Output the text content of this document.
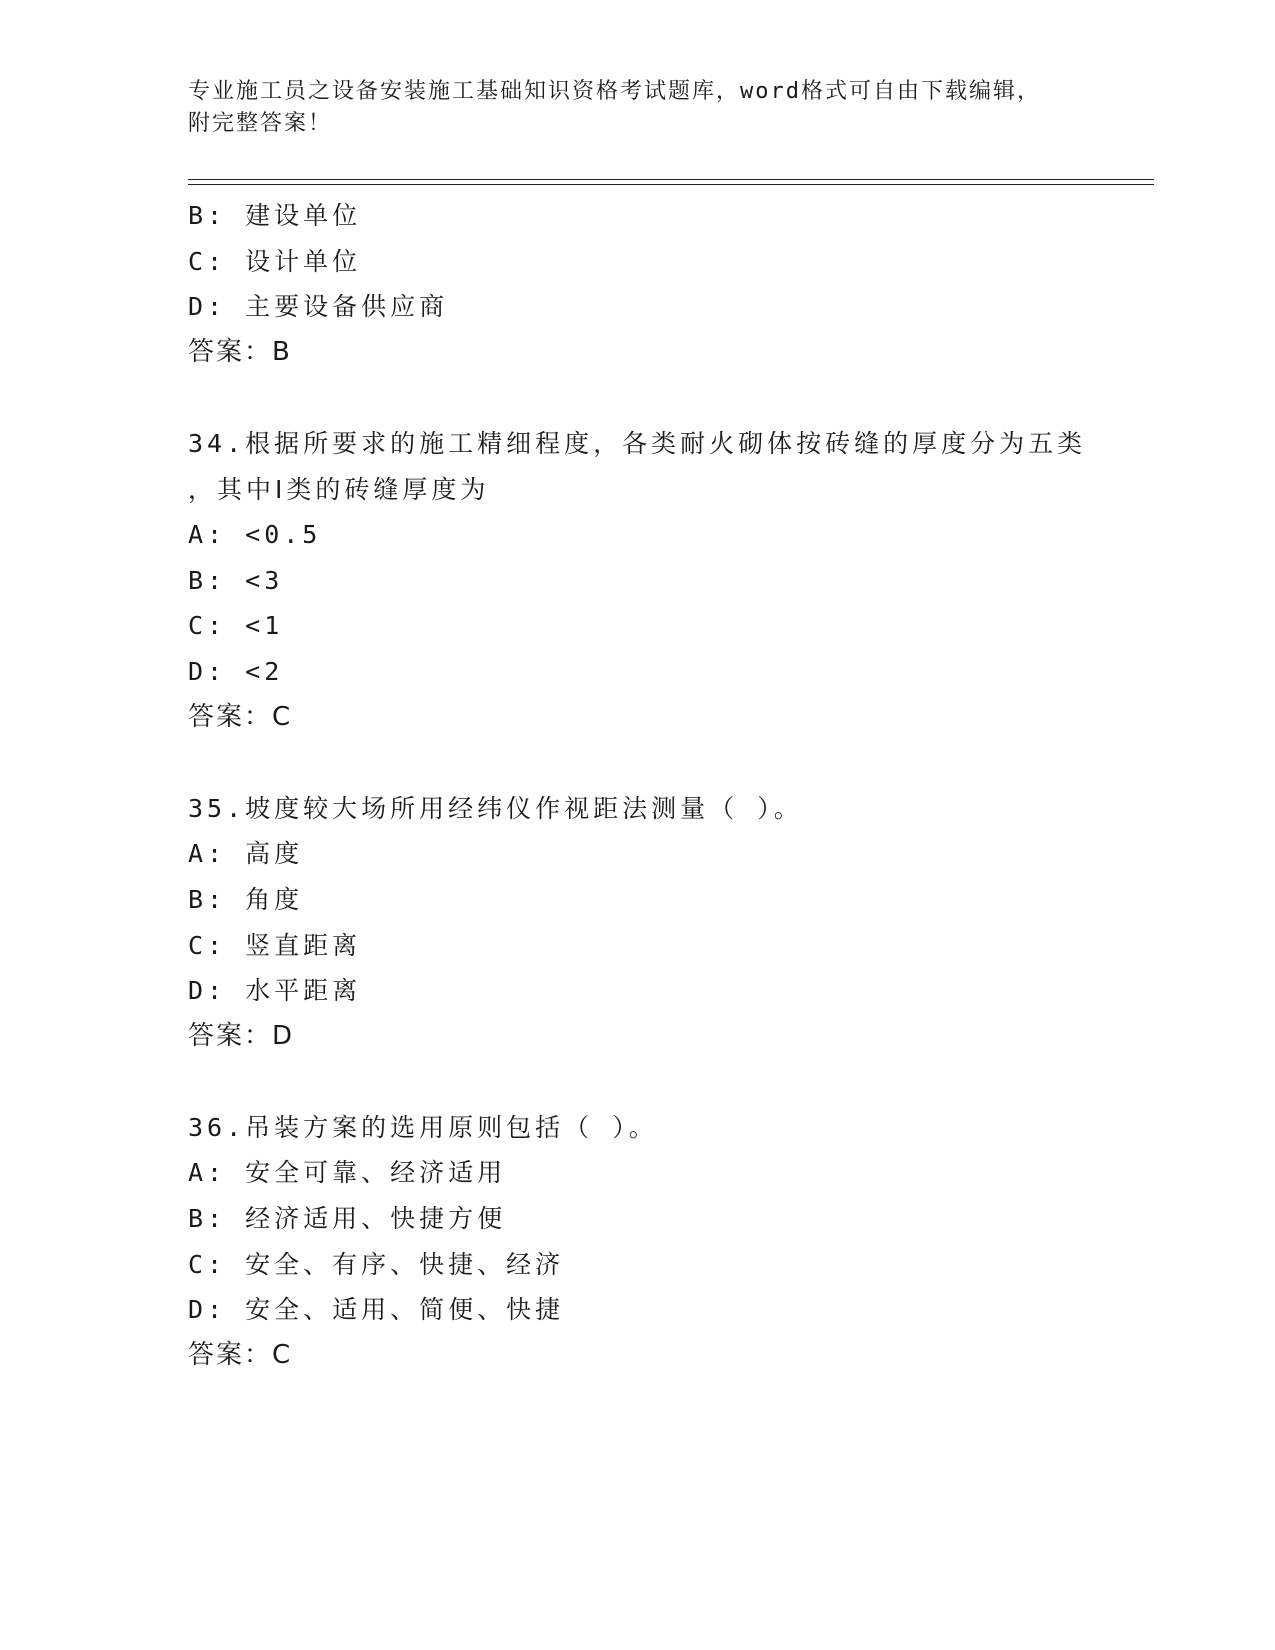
专业施工员之设备安装施工基础知识资格考试题库，word格式可自由下载编辑，
附完整答案！
B: 建设单位
C: 设计单位
D: 主要设备供应商
答案：B
34.根据所要求的施工精细程度，各类耐火砌体按砖缝的厚度分为五类
，其中Ⅰ类的砖缝厚度为
A: <0.5
B: <3
C: <1
D: <2
答案：C
35.坡度较大场所用经纬仪作视距法测量（ ）。
A: 高度
B: 角度
C: 竖直距离
D: 水平距离
答案：D
36.吊装方案的选用原则包括（ ）。
A: 安全可靠、经济适用
B: 经济适用、快捷方便
C: 安全、有序、快捷、经济
D: 安全、适用、简便、快捷
答案：C
